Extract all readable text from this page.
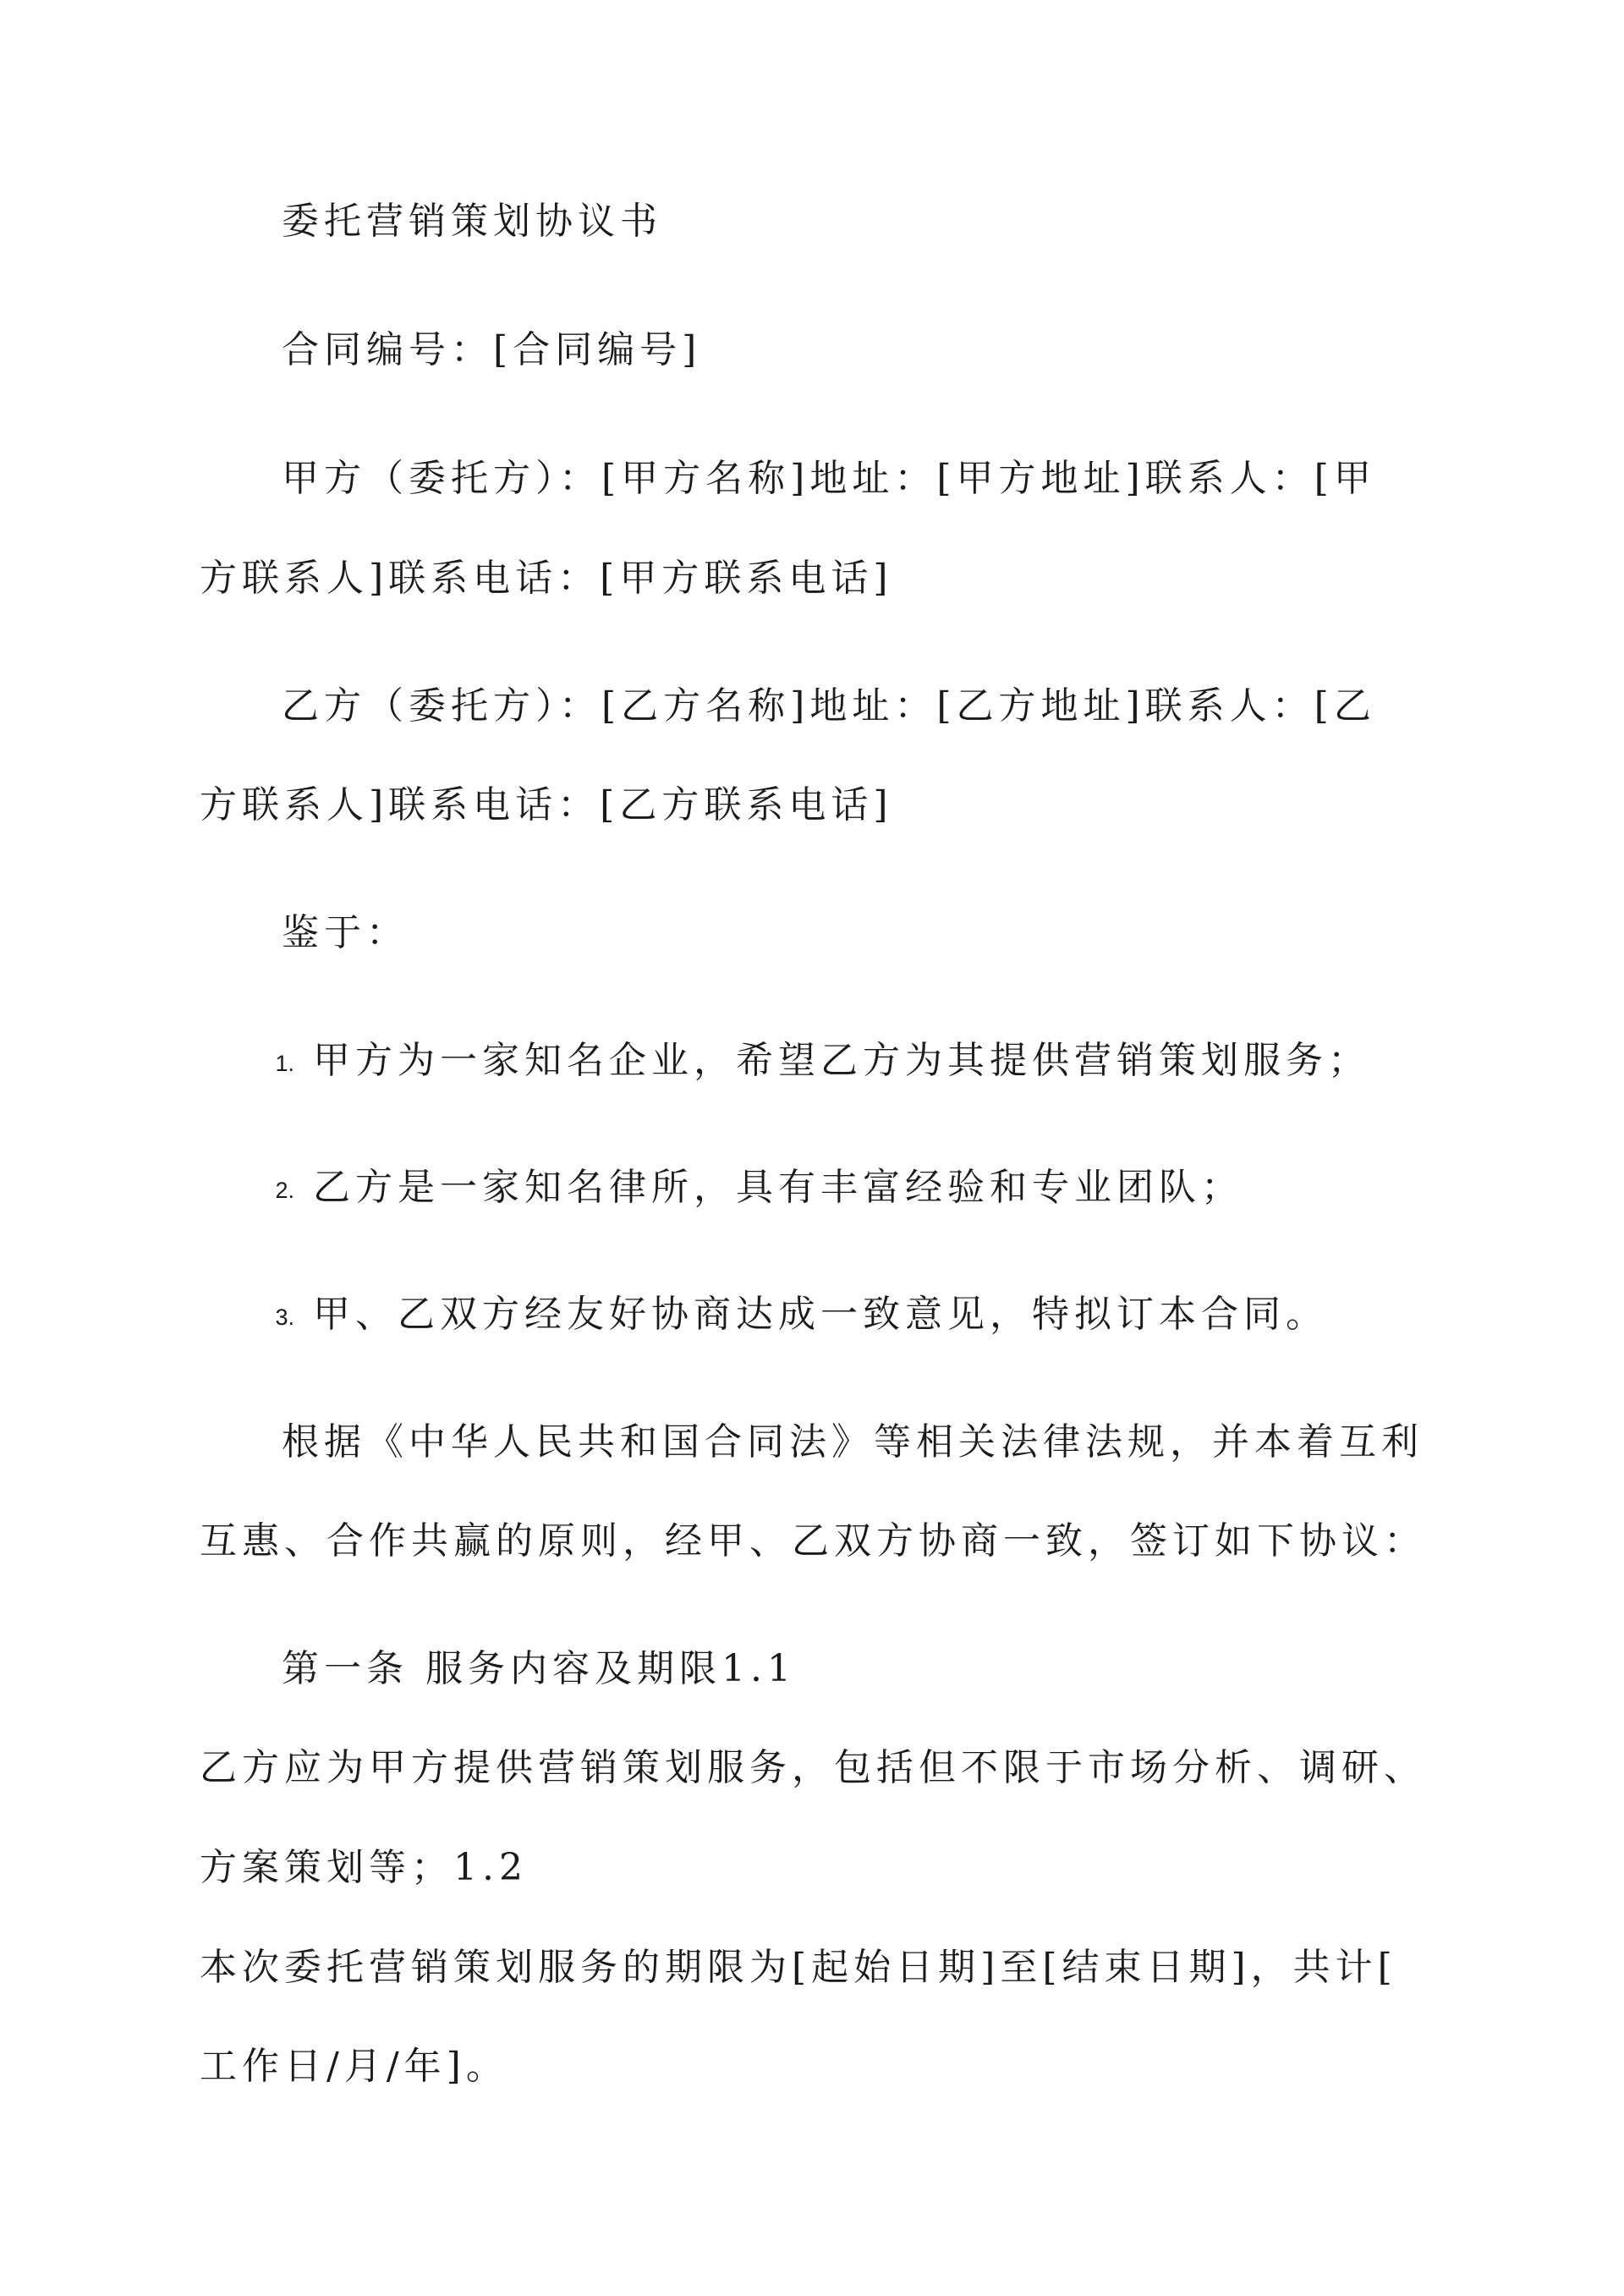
委托营销策划协议书
合同编号：[合同编号]
甲方（委托方）：[甲方名称]地址：[甲方地址]联系人：[甲
方联系人]联系电话：[甲方联系电话]
乙方（委托方）：[乙方名称]地址：[乙方地址]联系人：[乙
方联系人]联系电话：[乙方联系电话]
鉴于：
1. 甲方为一家知名企业，希望乙方为其提供营销策划服务；
2. 乙方是一家知名律所，具有丰富经验和专业团队；
3. 甲、乙双方经友好协商达成一致意见，特拟订本合同。
根据《中华人民共和国合同法》等相关法律法规，并本着互利
互惠、合作共赢的原则，经甲、乙双方协商一致，签订如下协议：
第一条 服务内容及期限1.1
乙方应为甲方提供营销策划服务，包括但不限于市场分析、调研、
方案策划等；1.2
本次委托营销策划服务的期限为[起始日期]至[结束日期]，共计[
工作日/月/年]。
